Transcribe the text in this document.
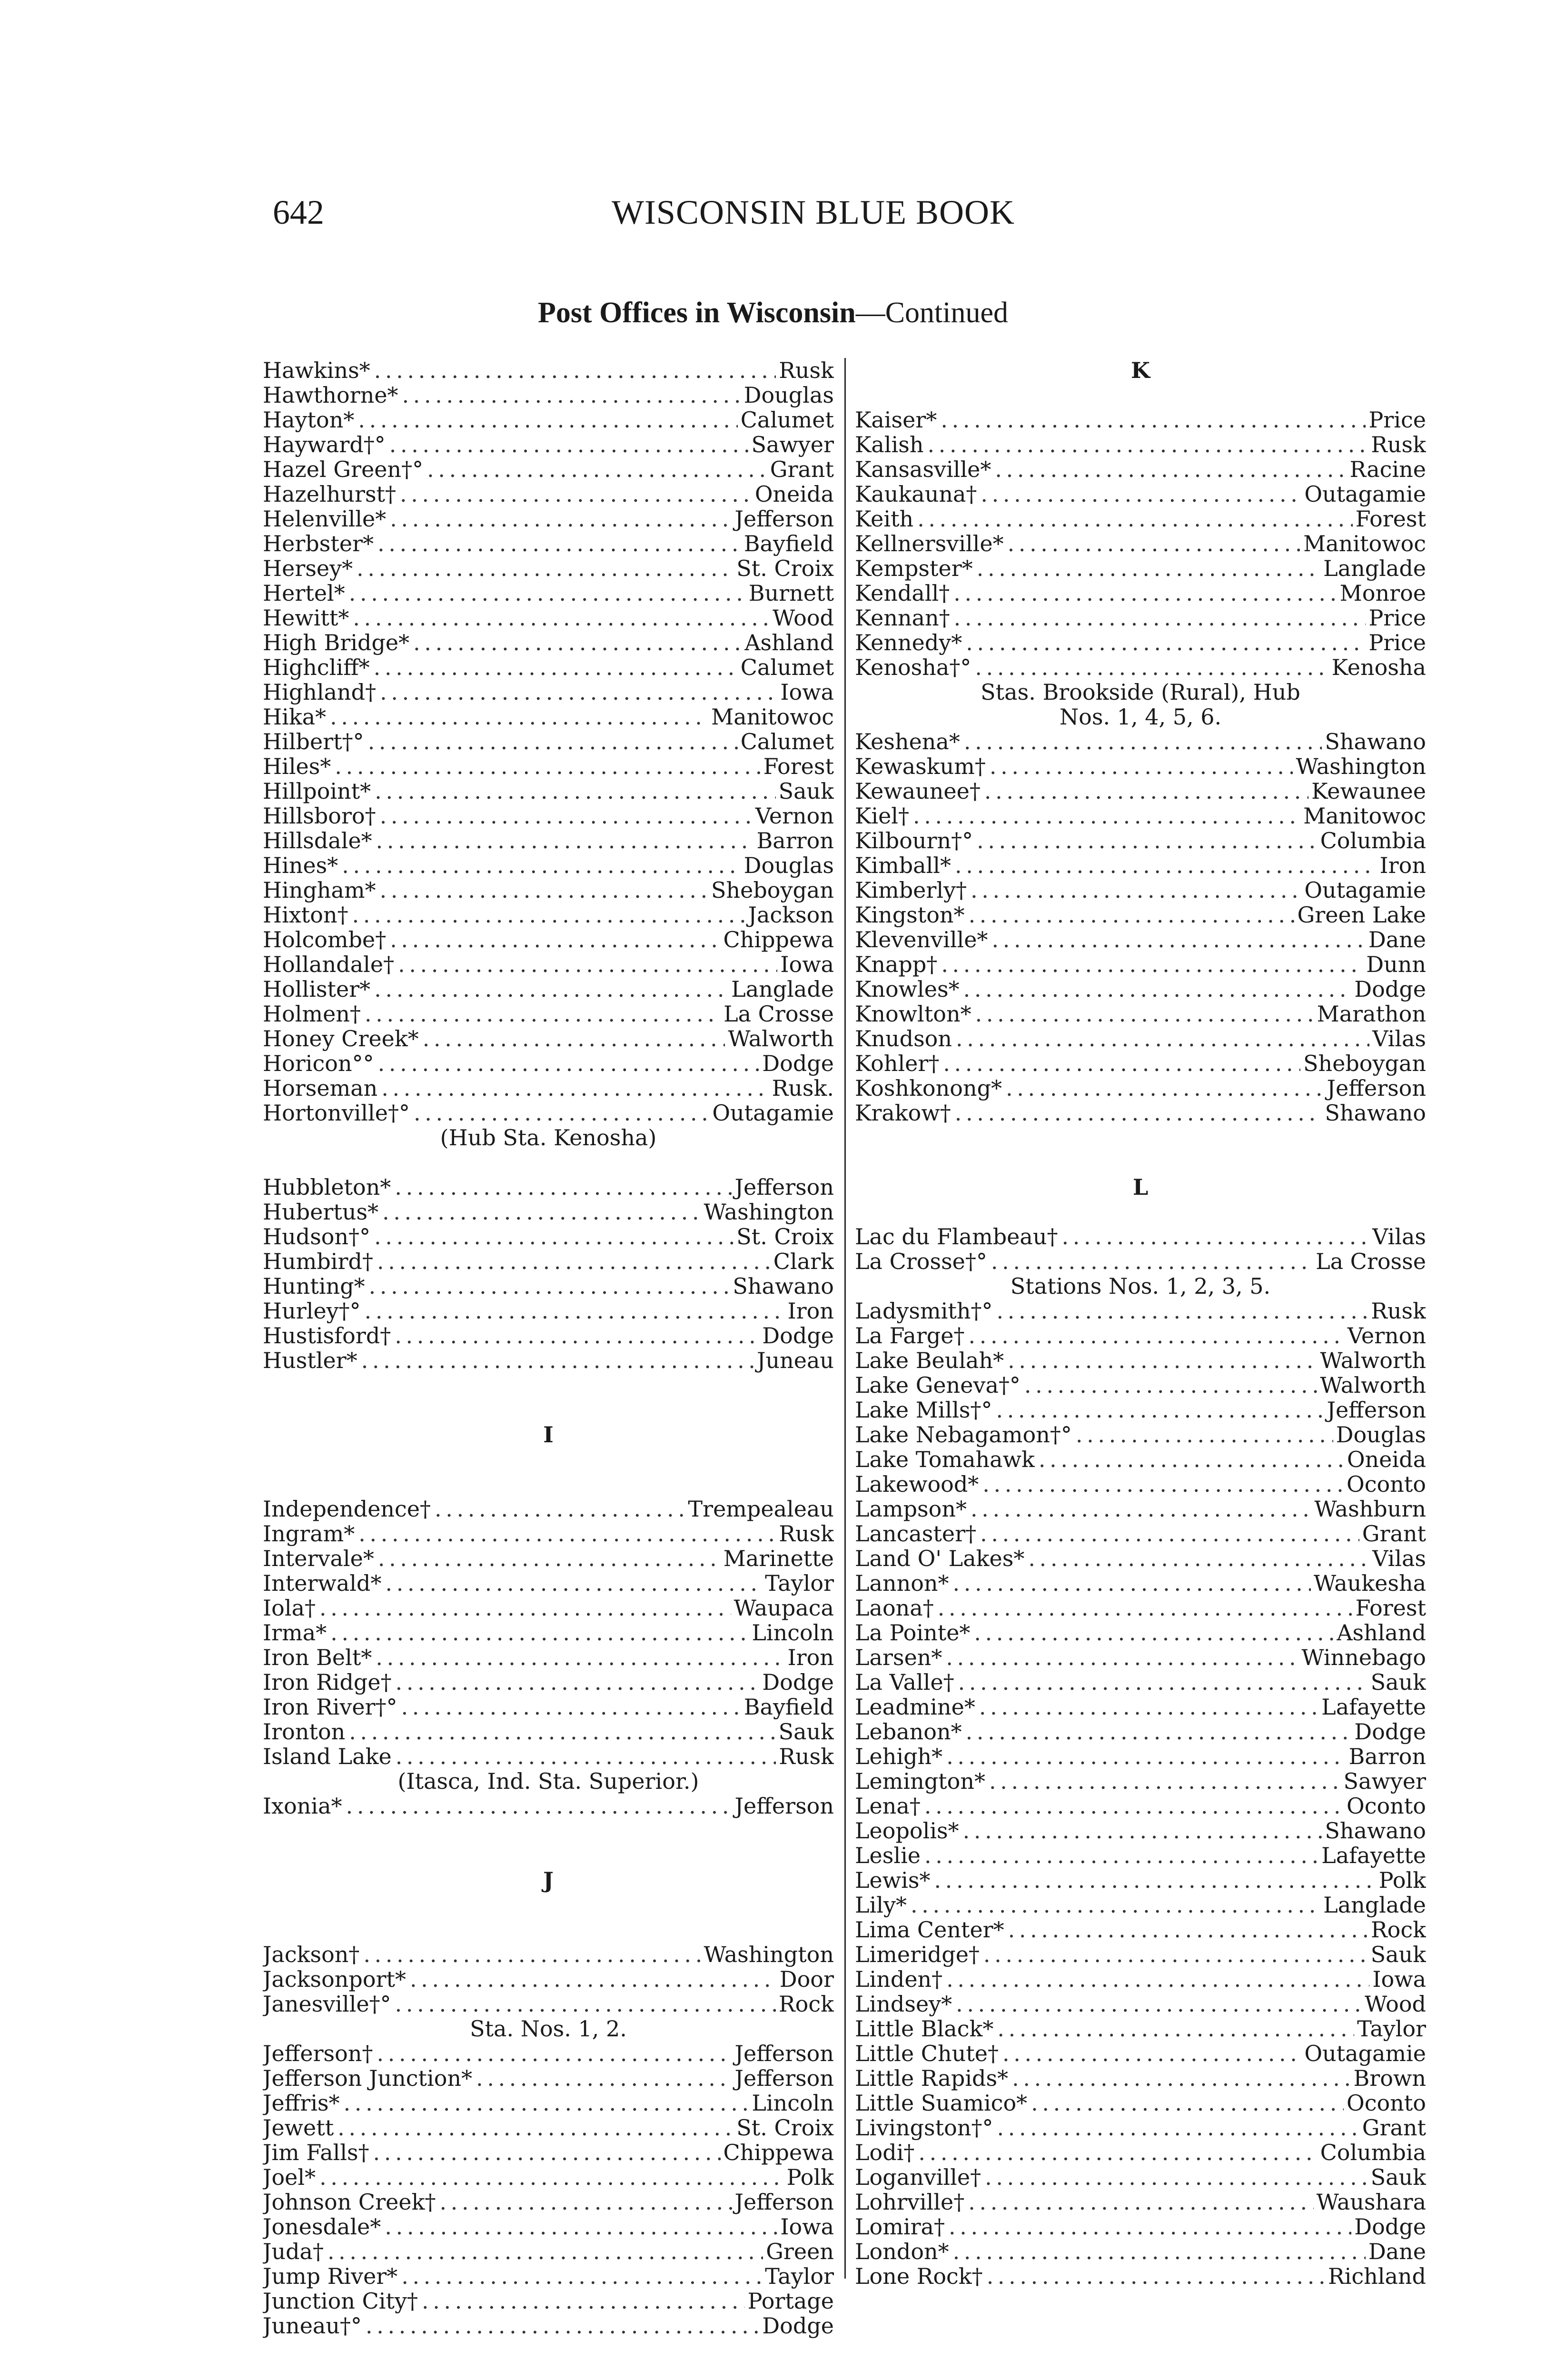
642	WISCONSIN BLUE BOOK
Post Offices in Wisconsin—Continued
Hawkins* . . .	Rusk
Hawthorne* . . .	Douglas
Hayton* . . .	Calumet
Hayward†° . . .	Sawyer
Hazel Green†° . . .	Grant
Hazelhurst† . . .	Oneida
Helenville* . . .	Jefferson
Herbster* . . .	Bayfield
Hersey* . . .	St. Croix
Hertel* . . .	Burnett
Hewitt* . . .	Wood
High Bridge* . . .	Ashland
Highcliff* . . .	Calumet
Highland† . . .	Iowa
Hika* . . .	Manitowoc
Hilbert†° . . .	Calumet
Hiles* . . .	Forest
Hillpoint* . . .	Sauk
Hillsboro† . . .	Vernon
Hillsdale* . . .	Barron
Hines* . . .	Douglas
Hingham* . . .	Sheboygan
Hixton† . . .	Jackson
Holcombe† . . .	Chippewa
Hollandale† . . .	Iowa
Hollister* . . .	Langlade
Holmen† . . .	La Crosse
Honey Creek* . . .	Walworth
Horicon°° . . .	Dodge
Horseman . . .	Rusk.
Hortonville†° . . .	Outagamie
(Hub Sta. Kenosha)
Hubbleton* . . .	Jefferson
Hubertus* . . .	Washington
Hudson†° . . .	St. Croix
Humbird† . . .	Clark
Hunting* . . .	Shawano
Hurley†° . . .	Iron
Hustisford† . . .	Dodge
Hustler* . . .	Juneau
I
Independence† . . .	Trempealeau
Ingram* . . .	Rusk
Intervale* . . .	Marinette
Interwald* . . .	Taylor
Iola† . . .	Waupaca
Irma* . . .	Lincoln
Iron Belt* . . .	Iron
Iron Ridge† . . .	Dodge
Iron River†° . . .	Bayfield
Ironton . . .	Sauk
Island Lake . . .	Rusk
(Itasca, Ind. Sta. Superior.)
Ixonia* . . .	Jefferson
J
Jackson† . . .	Washington
Jacksonport* . . .	Door
Janesville†° . . .	Rock
Sta. Nos. 1, 2.
Jefferson† . . .	Jefferson
Jefferson Junction* . . .	Jefferson
Jeffris* . . .	Lincoln
Jewett . . .	St. Croix
Jim Falls† . . .	Chippewa
Joel* . . .	Polk
Johnson Creek† . . .	Jefferson
Jonesdale* . . .	Iowa
Juda† . . .	Green
Jump River* . . .	Taylor
Junction City† . . .	Portage
Juneau†° . . .	Dodge
K
Kaiser* . . .	Price
Kalish . . .	Rusk
Kansasville* . . .	Racine
Kaukauna† . . .	Outagamie
Keith . . .	Forest
Kellnersville* . . .	Manitowoc
Kempster* . . .	Langlade
Kendall† . . .	Monroe
Kennan† . . .	Price
Kennedy* . . .	Price
Kenosha†° . . .	Kenosha
Stas. Brookside (Rural), Hub
Nos. 1, 4, 5, 6.
Keshena* . . .	Shawano
Kewaskum† . . .	Washington
Kewaunee† . . .	Kewaunee
Kiel† . . .	Manitowoc
Kilbourn†° . . .	Columbia
Kimball* . . .	Iron
Kimberly† . . .	Outagamie
Kingston* . . .	Green Lake
Klevenville* . . .	Dane
Knapp† . . .	Dunn
Knowles* . . .	Dodge
Knowlton* . . .	Marathon
Knudson . . .	Vilas
Kohler† . . .	Sheboygan
Koshkonong* . . .	Jefferson
Krakow† . . .	Shawano
L
Lac du Flambeau† . . .	Vilas
La Crosse†° . . .	La Crosse
Stations Nos. 1, 2, 3, 5.
Ladysmith†° . . .	Rusk
La Farge† . . .	Vernon
Lake Beulah* . . .	Walworth
Lake Geneva†° . . .	Walworth
Lake Mills†° . . .	Jefferson
Lake Nebagamon†° . . .	Douglas
Lake Tomahawk . . .	Oneida
Lakewood* . . .	Oconto
Lampson* . . .	Washburn
Lancaster† . . .	Grant
Land O' Lakes* . . .	Vilas
Lannon* . . .	Waukesha
Laona† . . .	Forest
La Pointe* . . .	Ashland
Larsen* . . .	Winnebago
La Valle† . . .	Sauk
Leadmine* . . .	Lafayette
Lebanon* . . .	Dodge
Lehigh* . . .	Barron
Lemington* . . .	Sawyer
Lena† . . .	Oconto
Leopolis* . . .	Shawano
Leslie . . .	Lafayette
Lewis* . . .	Polk
Lily* . . .	Langlade
Lima Center* . . .	Rock
Limeridge† . . .	Sauk
Linden† . . .	Iowa
Lindsey* . . .	Wood
Little Black* . . .	Taylor
Little Chute† . . .	Outagamie
Little Rapids* . . .	Brown
Little Suamico* . . .	Oconto
Livingston†° . . .	Grant
Lodi† . . .	Columbia
Loganville† . . .	Sauk
Lohrville† . . .	Waushara
Lomira† . . .	Dodge
London* . . .	Dane
Lone Rock† . . .	Richland
